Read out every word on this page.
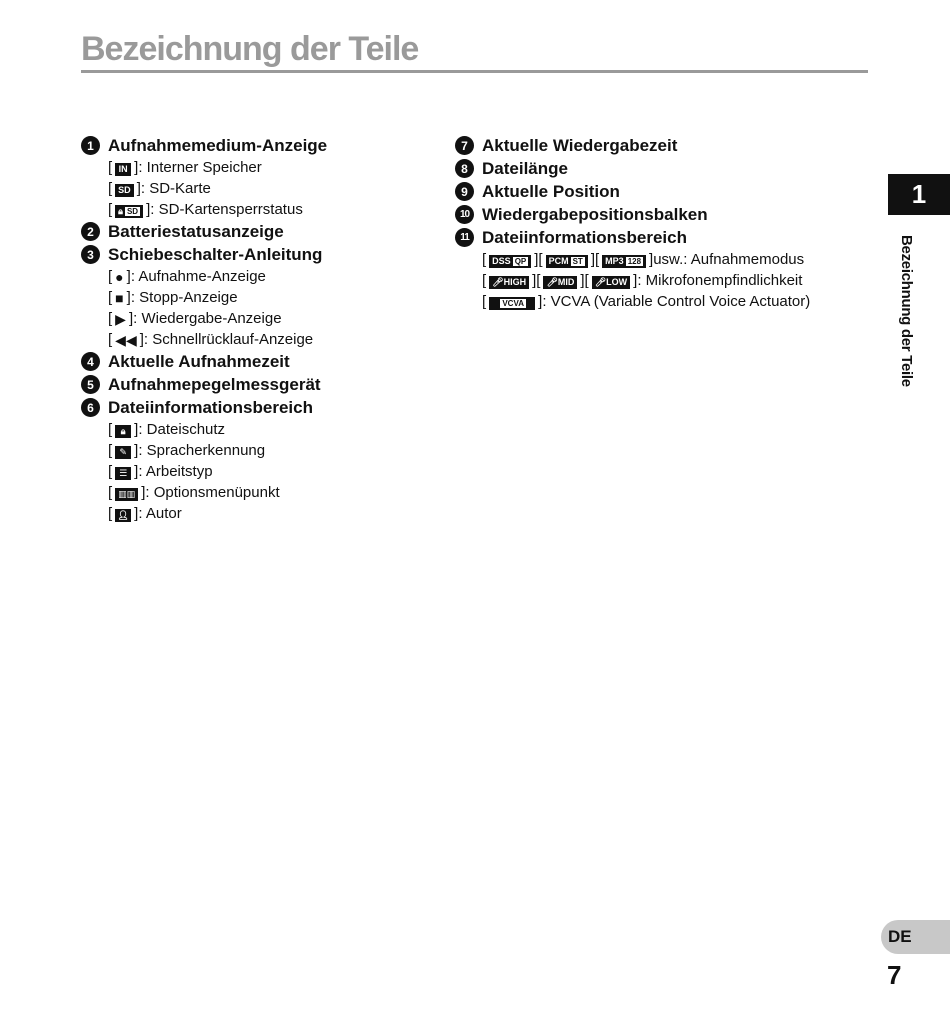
Bezeichnung der Teile
1 Aufnahmemedium-Anzeige
[ IN ] : Interner Speicher
[ SD ] : SD-Karte
[ 🔒︎ SD ] : SD-Kartensperrstatus
2 Batteriestatusanzeige
3 Schiebeschalter-Anleitung
[ ● ] : Aufnahme-Anzeige
[ ■ ] : Stopp-Anzeige
[ ▶ ] : Wiedergabe-Anzeige
[ ◀◀ ] : Schnellrücklauf-Anzeige
4 Aktuelle Aufnahmezeit
5 Aufnahmepegelmessgerät
6 Dateiinformationsbereich
[ 🔒︎ ] : Dateischutz
[ ✎ ] : Spracherkennung
[ ☰ ] : Arbeitstyp
[ ▥▥ ] : Optionsmenüpunkt
[ 👤︎ ] : Autor
7 Aktuelle Wiedergabezeit
8 Dateilänge
9 Aktuelle Position
10 Wiedergabepositionsbalken
11 Dateiinformationsbereich
[ DSS QP ][ PCM ST ][ MP3 128 ] usw.: Aufnahmemodus
[ 🎤︎ HIGH ][ 🎤︎ MID ][ 🎤︎ LOW ] : Mikrofonempfindlichkeit
[ VCVA ] : VCVA (Variable Control Voice Actuator)
1
Bezeichnung der Teile
DE
7
